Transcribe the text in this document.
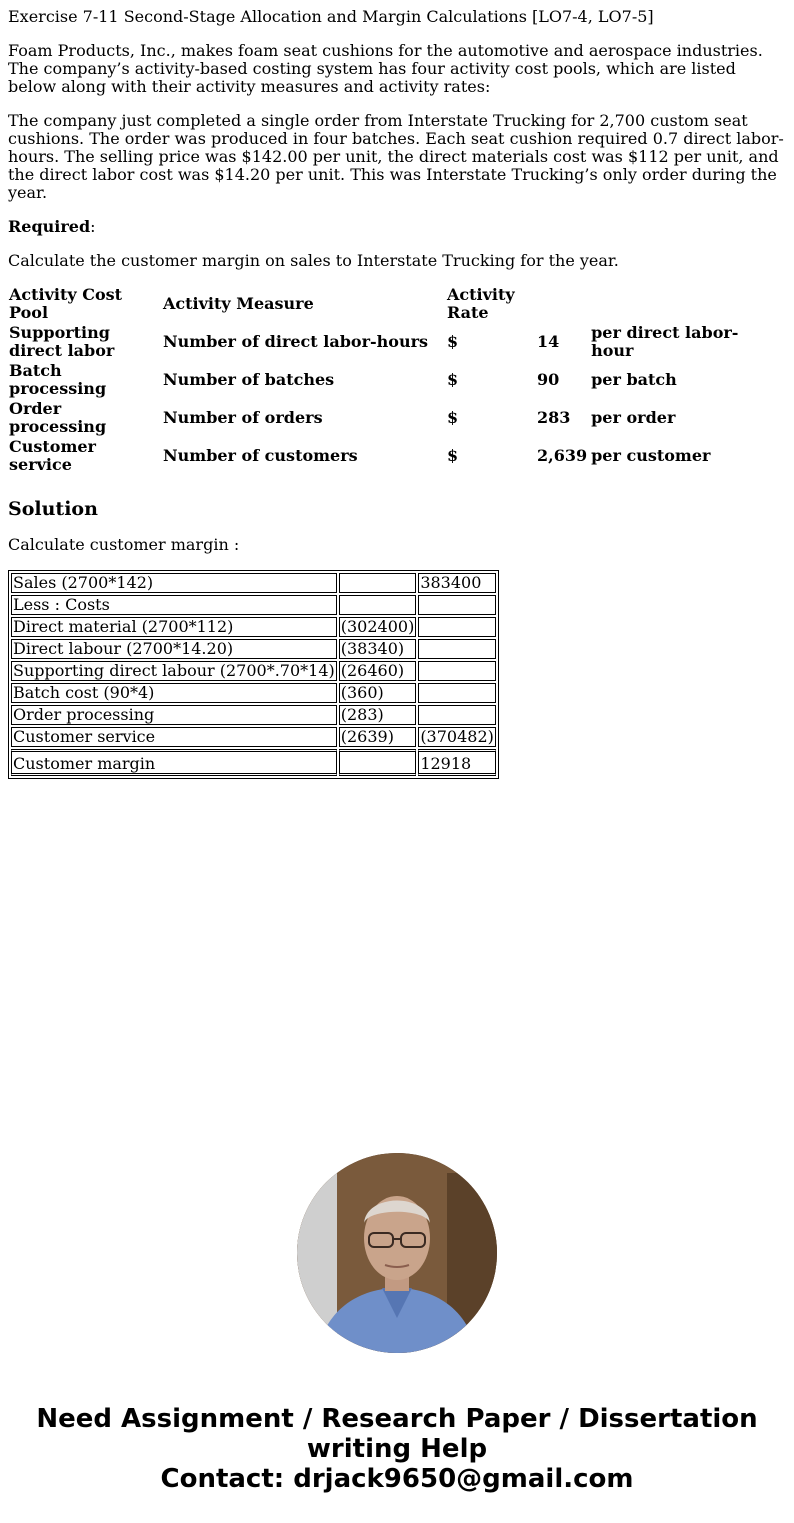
Exercise 7-11 Second-Stage Allocation and Margin Calculations [LO7-4, LO7-5]

Foam Products, Inc., makes foam seat cushions for the automotive and aerospace industries. The company’s activity-based costing system has four activity cost pools, which are listed below along with their activity measures and activity rates:

The company just completed a single order from Interstate Trucking for 2,700 custom seat cushions. The order was produced in four batches. Each seat cushion required 0.7 direct labor-hours. The selling price was $142.00 per unit, the direct materials cost was $112 per unit, and the direct labor cost was $14.20 per unit. This was Interstate Trucking’s only order during the year.

Required:

Calculate the customer margin on sales to Interstate Trucking for the year.

Activity Cost Pool	Activity Measure	Activity Rate		
Supporting direct labor	Number of direct labor-hours	$	14	per direct labor-hour
Batch processing	Number of batches	$	90	per batch
Order processing	Number of orders	$	283	per order
Customer service	Number of customers	$	2,639	per customer
Solution

Calculate customer margin :

Sales (2700*142)		383400
Less : Costs		
Direct material (2700*112)	(302400)	
Direct labour (2700*14.20)	(38340)	
Supporting direct labour (2700*.70*14)	(26460)	
Batch cost (90*4)	(360)	
Order processing	(283)	
Customer service	(2639)	(370482)
Customer margin		12918
Need Assignment / Research Paper / Dissertation
writing Help
Contact: drjack9650@gmail.com
